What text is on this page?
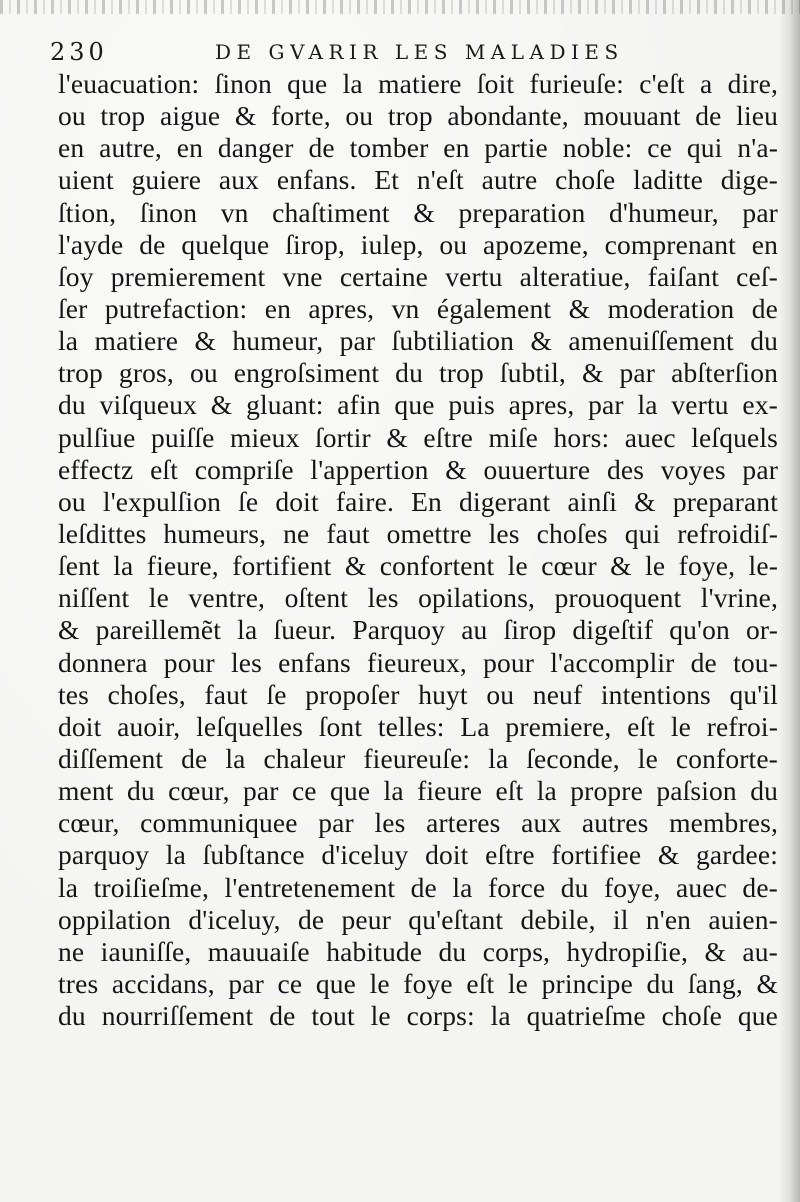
230	DE GVARIR LES MALADIES
l'euacuation: ſinon que la matiere ſoit furieuſe: c'eſt a dire,
ou trop aigue & forte, ou trop abondante, mouuant de lieu
en autre, en danger de tomber en partie noble: ce qui n'a-
uient guiere aux enfans. Et n'eſt autre choſe laditte dige-
ſtion, ſinon vn chaſtiment & preparation d'humeur, par
l'ayde de quelque ſirop, iulep, ou apozeme, comprenant en
ſoy premierement vne certaine vertu alteratiue, faiſant ceſ-
ſer putrefaction: en apres, vn également & moderation de
la matiere & humeur, par ſubtiliation & amenuiſſement du
trop gros, ou engroſsiment du trop ſubtil, & par abſterſion
du viſqueux & gluant: afin que puis apres, par la vertu ex-
pulſiue puiſſe mieux ſortir & eſtre miſe hors: auec leſquels
effectz eſt compriſe l'appertion & ouuerture des voyes par
ou l'expulſion ſe doit faire. En digerant ainſi & preparant
leſdittes humeurs, ne faut omettre les choſes qui refroidiſ-
ſent la fieure, fortifient & confortent le cœur & le foye, le-
niſſent le ventre, oſtent les opilations, prouoquent l'vrine,
& pareillemẽt la ſueur. Parquoy au ſirop digeſtif qu'on or-
donnera pour les enfans fieureux, pour l'accomplir de tou-
tes choſes, faut ſe propoſer huyt ou neuf intentions qu'il
doit auoir, leſquelles ſont telles: La premiere, eſt le refroi-
diſſement de la chaleur fieureuſe: la ſeconde, le conforte-
ment du cœur, par ce que la fieure eſt la propre paſsion du
cœur, communiquee par les arteres aux autres membres,
parquoy la ſubſtance d'iceluy doit eſtre fortifiee & gardee:
la troiſieſme, l'entretenement de la force du foye, auec de-
oppilation d'iceluy, de peur qu'eſtant debile, il n'en auien-
ne iauniſſe, mauuaiſe habitude du corps, hydropiſie, & au-
tres accidans, par ce que le foye eſt le principe du ſang, &
du nourriſſement de tout le corps: la quatrieſme choſe que
